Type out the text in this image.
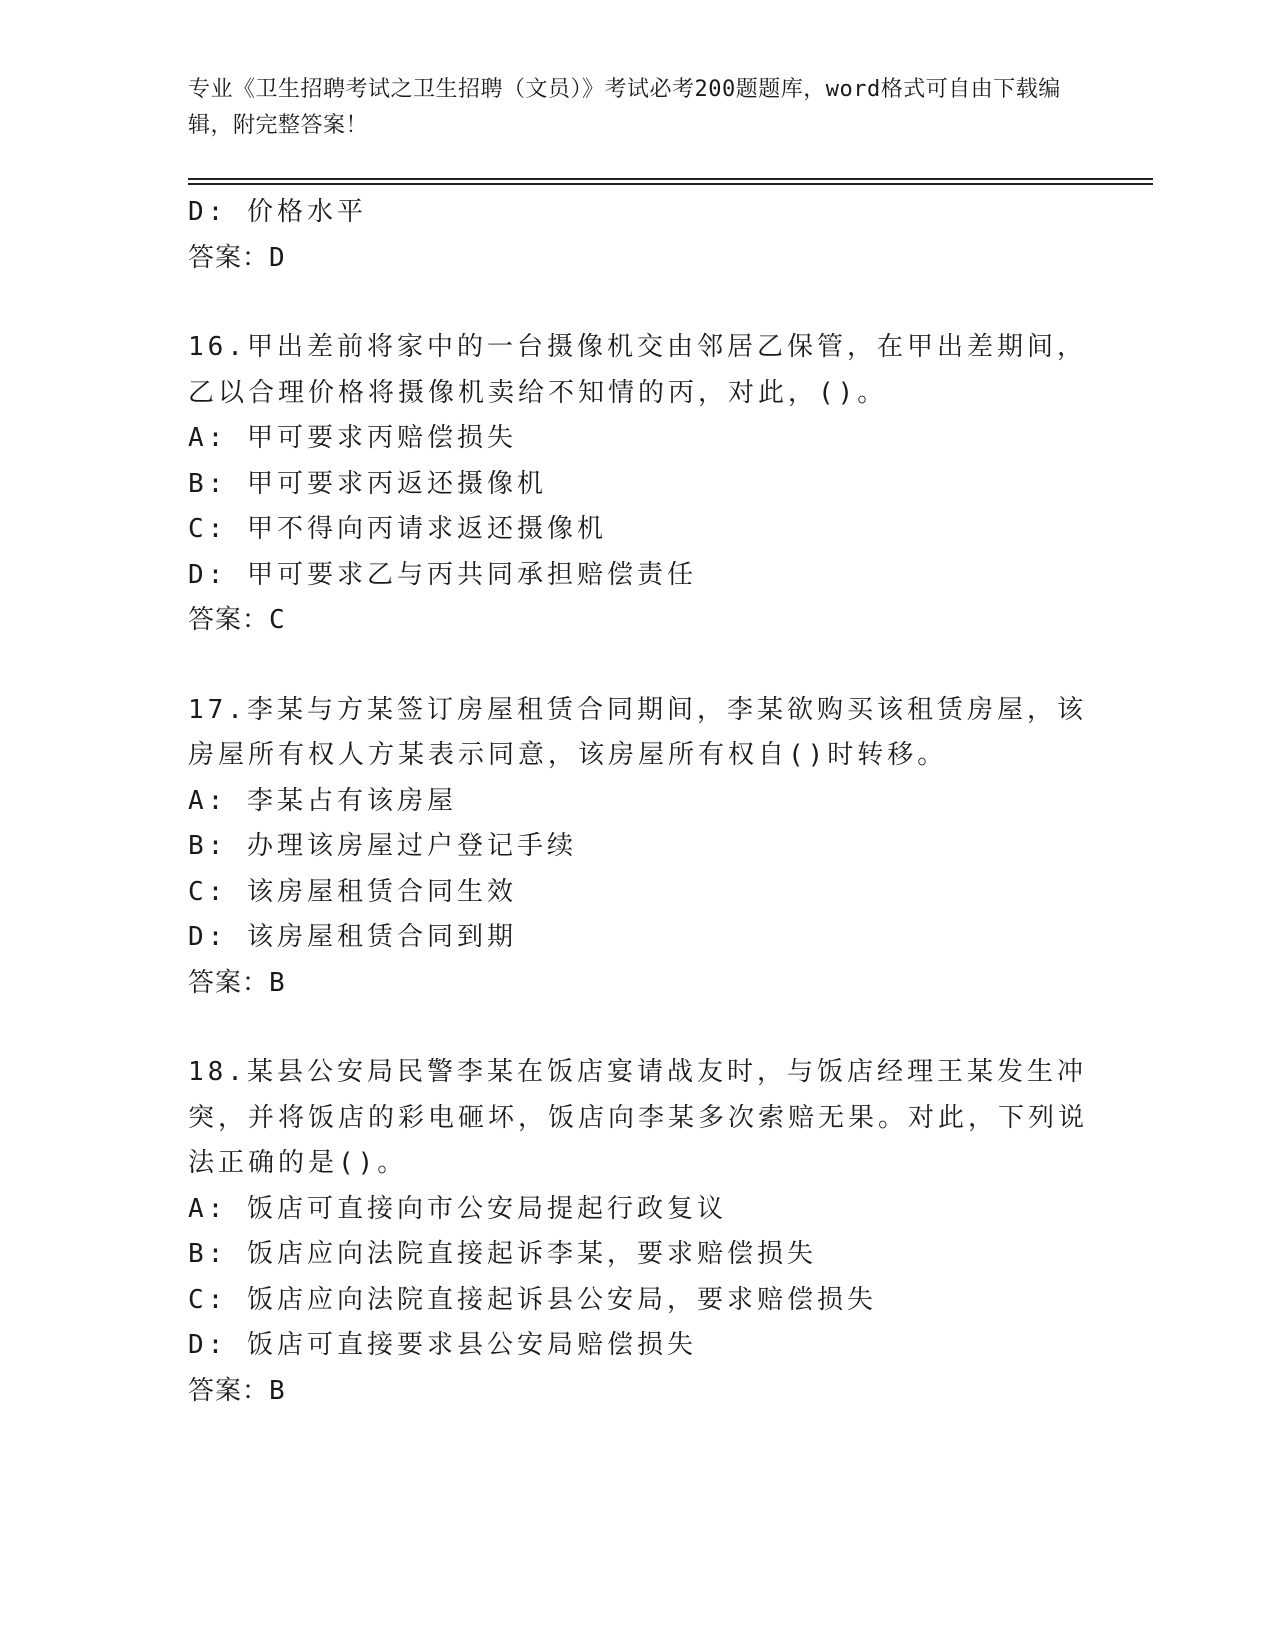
专业《卫生招聘考试之卫生招聘（文员）》考试必考200题题库，word格式可自由下载编辑，附完整答案！
D: 价格水平
答案：D
16.甲出差前将家中的一台摄像机交由邻居乙保管，在甲出差期间，乙以合理价格将摄像机卖给不知情的丙，对此，()。
A: 甲可要求丙赔偿损失
B: 甲可要求丙返还摄像机
C: 甲不得向丙请求返还摄像机
D: 甲可要求乙与丙共同承担赔偿责任
答案：C
17.李某与方某签订房屋租赁合同期间，李某欲购买该租赁房屋，该房屋所有权人方某表示同意，该房屋所有权自()时转移。
A: 李某占有该房屋
B: 办理该房屋过户登记手续
C: 该房屋租赁合同生效
D: 该房屋租赁合同到期
答案：B
18.某县公安局民警李某在饭店宴请战友时，与饭店经理王某发生冲突，并将饭店的彩电砸坏，饭店向李某多次索赔无果。对此，下列说法正确的是()。
A: 饭店可直接向市公安局提起行政复议
B: 饭店应向法院直接起诉李某，要求赔偿损失
C: 饭店应向法院直接起诉县公安局，要求赔偿损失
D: 饭店可直接要求县公安局赔偿损失
答案：B
